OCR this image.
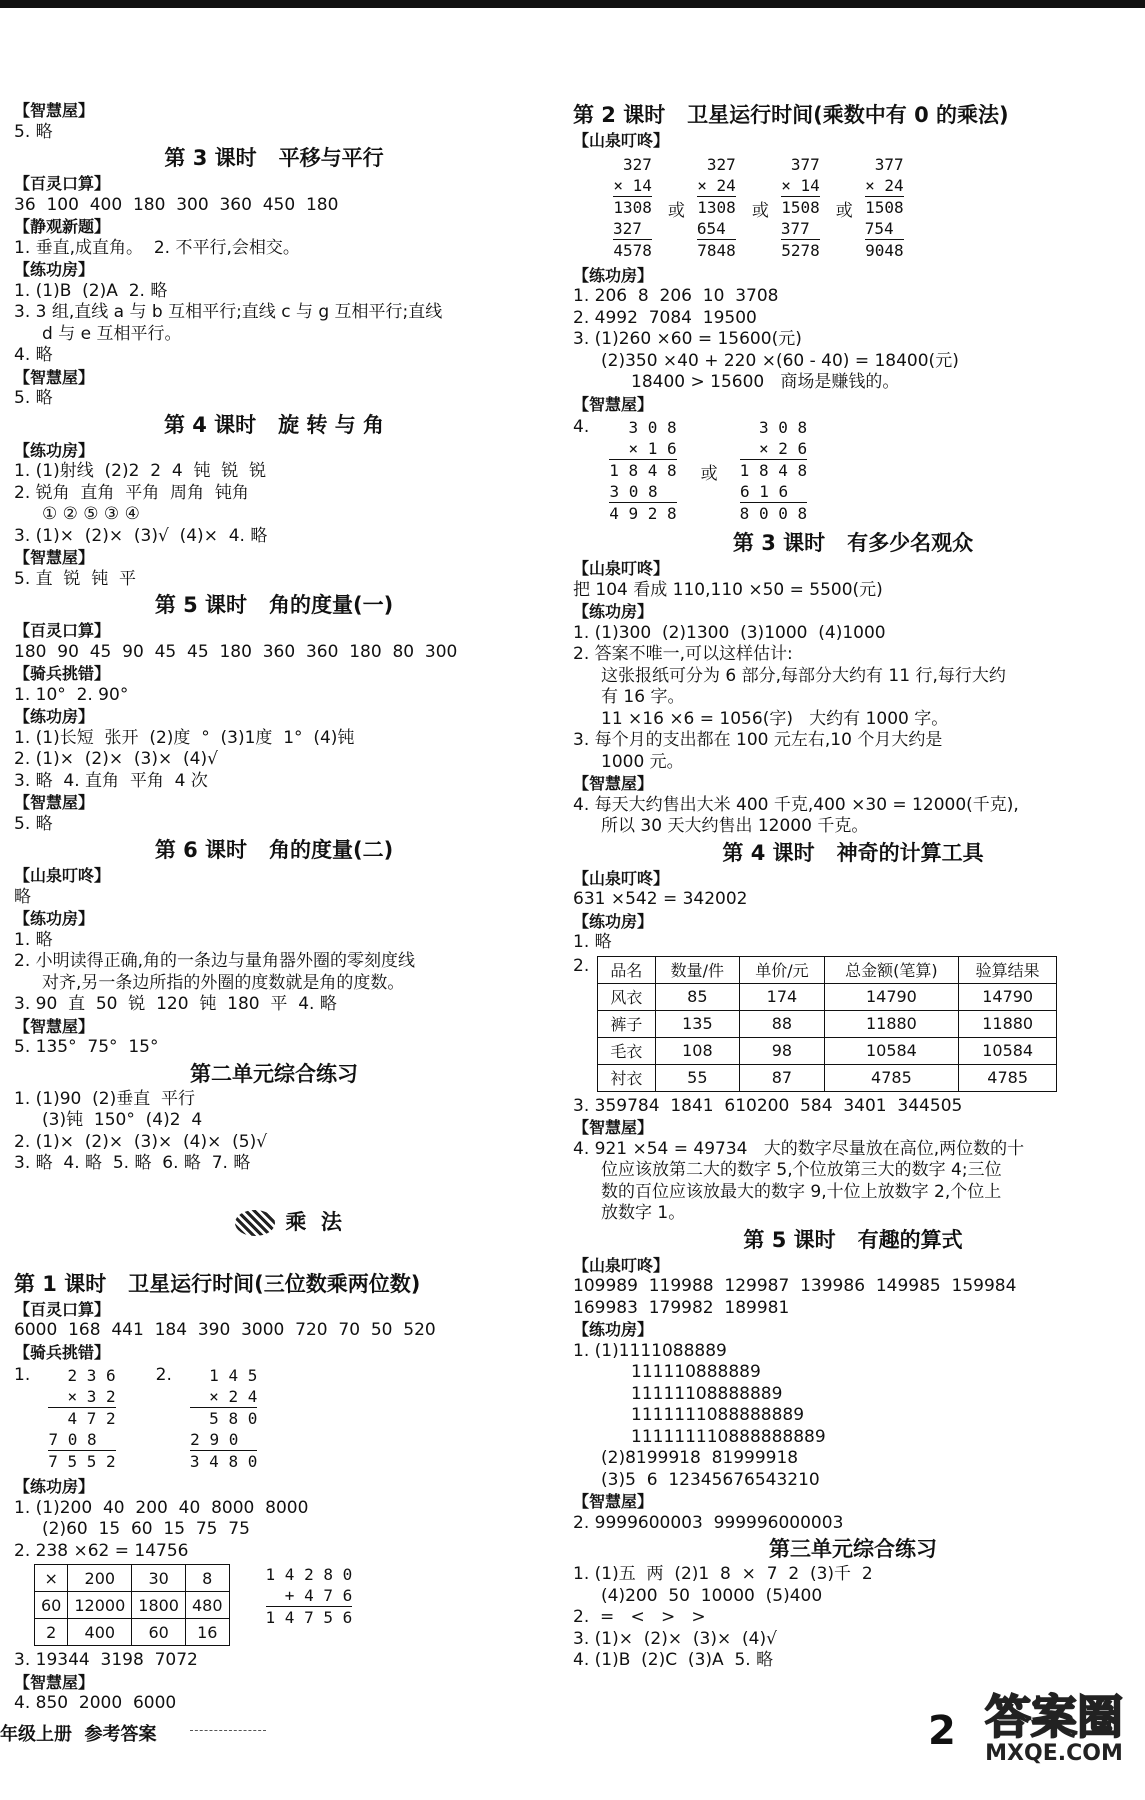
【智慧屋】
5. 略
第 3 课时   平移与平行
【百灵口算】
36  100  400  180  300  360  450  180
【静观新题】
1. 垂直,成直角。  2. 不平行,会相交。
【练功房】
1. (1)B  (2)A  2. 略
3. 3 组,直线 a 与 b 互相平行;直线 c 与 g 互相平行;直线
d 与 e 互相平行。
4. 略
【智慧屋】
5. 略
第 4 课时   旋 转 与 角
【练功房】
1. (1)射线  (2)2  2  4  钝  锐  锐
2. 锐角  直角  平角  周角  钝角
① ② ⑤ ③ ④
3. (1)×  (2)×  (3)√  (4)×  4. 略
【智慧屋】
5. 直  锐  钝  平
第 5 课时   角的度量(一)
【百灵口算】
180  90  45  90  45  45  180  360  360  180  80  300
【骑兵挑错】
1. 10°  2. 90°
【练功房】
1. (1)长短  张开  (2)度  °  (3)1度  1°  (4)钝
2. (1)×  (2)×  (3)×  (4)√
3. 略  4. 直角  平角  4 次
【智慧屋】
5. 略
第 6 课时   角的度量(二)
【山泉叮咚】
略
【练功房】
1. 略
2. 小明读得正确,角的一条边与量角器外圈的零刻度线
对齐,另一条边所指的外圈的度数就是角的度数。
3. 90  直  50  锐  120  钝  180  平  4. 略
【智慧屋】
5. 135°  75°  15°
第二单元综合练习
1. (1)90  (2)垂直  平行
(3)钝  150°  (4)2  4
2. (1)×  (2)×  (3)×  (4)×  (5)√
3. 略  4. 略  5. 略  6. 略  7. 略

乘  法

第 1 课时   卫星运行时间(三位数乘两位数)
【百灵口算】
6000  168  441  184  390  3000  720  70  50  520
【骑兵挑错】
1.	2 3 6
× 3 2
4 7 2
7 0 8
7 5 5 2
2.	1 4 5
× 2 4
5 8 0
2 9 0
3 4 8 0
【练功房】
1. (1)200  40  200  40  8000  8000
(2)60  15  60  15  75  75
2. 238 ×62 = 14756
×	200	30	8
60	12000	1800	480
2	400	60	16
1 4 2 8 0
+ 4 7 6
1 4 7 5 6
3. 19344  3198  7072
【智慧屋】
4. 850  2000  6000
第 2 课时   卫星运行时间(乘数中有 0 的乘法)
【山泉叮咚】
327
× 14
1308
327
4578
或
327
× 24
1308
654
7848
或
377
× 14
1508
377
5278
或
377
× 24
1508
754
9048
【练功房】
1. 206  8  206  10  3708
2. 4992  7084  19500
3. (1)260 ×60 = 15600(元)
(2)350 ×40 + 220 ×(60 - 40) = 18400(元)
18400 > 15600   商场是赚钱的。
【智慧屋】
4.	3 0 8
× 1 6
1 8 4 8
3 0 8
4 9 2 8
或
3 0 8
× 2 6
1 8 4 8
6 1 6
8 0 0 8
第 3 课时   有多少名观众
【山泉叮咚】
把 104 看成 110,110 ×50 = 5500(元)
【练功房】
1. (1)300  (2)1300  (3)1000  (4)1000
2. 答案不唯一,可以这样估计:
这张报纸可分为 6 部分,每部分大约有 11 行,每行大约
有 16 字。
11 ×16 ×6 = 1056(字)   大约有 1000 字。
3. 每个月的支出都在 100 元左右,10 个月大约是
1000 元。
【智慧屋】
4. 每天大约售出大米 400 千克,400 ×30 = 12000(千克),
所以 30 天大约售出 12000 千克。
第 4 课时   神奇的计算工具
【山泉叮咚】
631 ×542 = 342002
【练功房】
1. 略
2.	品名	数量/件	单价/元	总金额(笔算)	验算结果
风衣	85	174	14790	14790
裤子	135	88	11880	11880
毛衣	108	98	10584	10584
衬衣	55	87	4785	4785
3. 359784  1841  610200  584  3401  344505
【智慧屋】
4. 921 ×54 = 49734   大的数字尽量放在高位,两位数的十
位应该放第二大的数字 5,个位放第三大的数字 4;三位
数的百位应该放最大的数字 9,十位上放数字 2,个位上
放数字 1。
第 5 课时   有趣的算式
【山泉叮咚】
109989  119988  129987  139986  149985  159984
169983  179982  189981
【练功房】
1. (1)1111088889
111110888889
11111108888889
1111111088888889
111111110888888889
(2)8199918  81999918
(3)5  6  12345676543210
【智慧屋】
2. 9999600003  999996000003
第三单元综合练习
1. (1)五  两  (2)1  8  ×  7  2  (3)千  2
(4)200  50  10000  (5)400
2.  =   <   >   >
3. (1)×  (2)×  (3)×  (4)√
4. (1)B  (2)C  (3)A  5. 略
年级上册  参考答案	2 答案圈
MXQE.COM
